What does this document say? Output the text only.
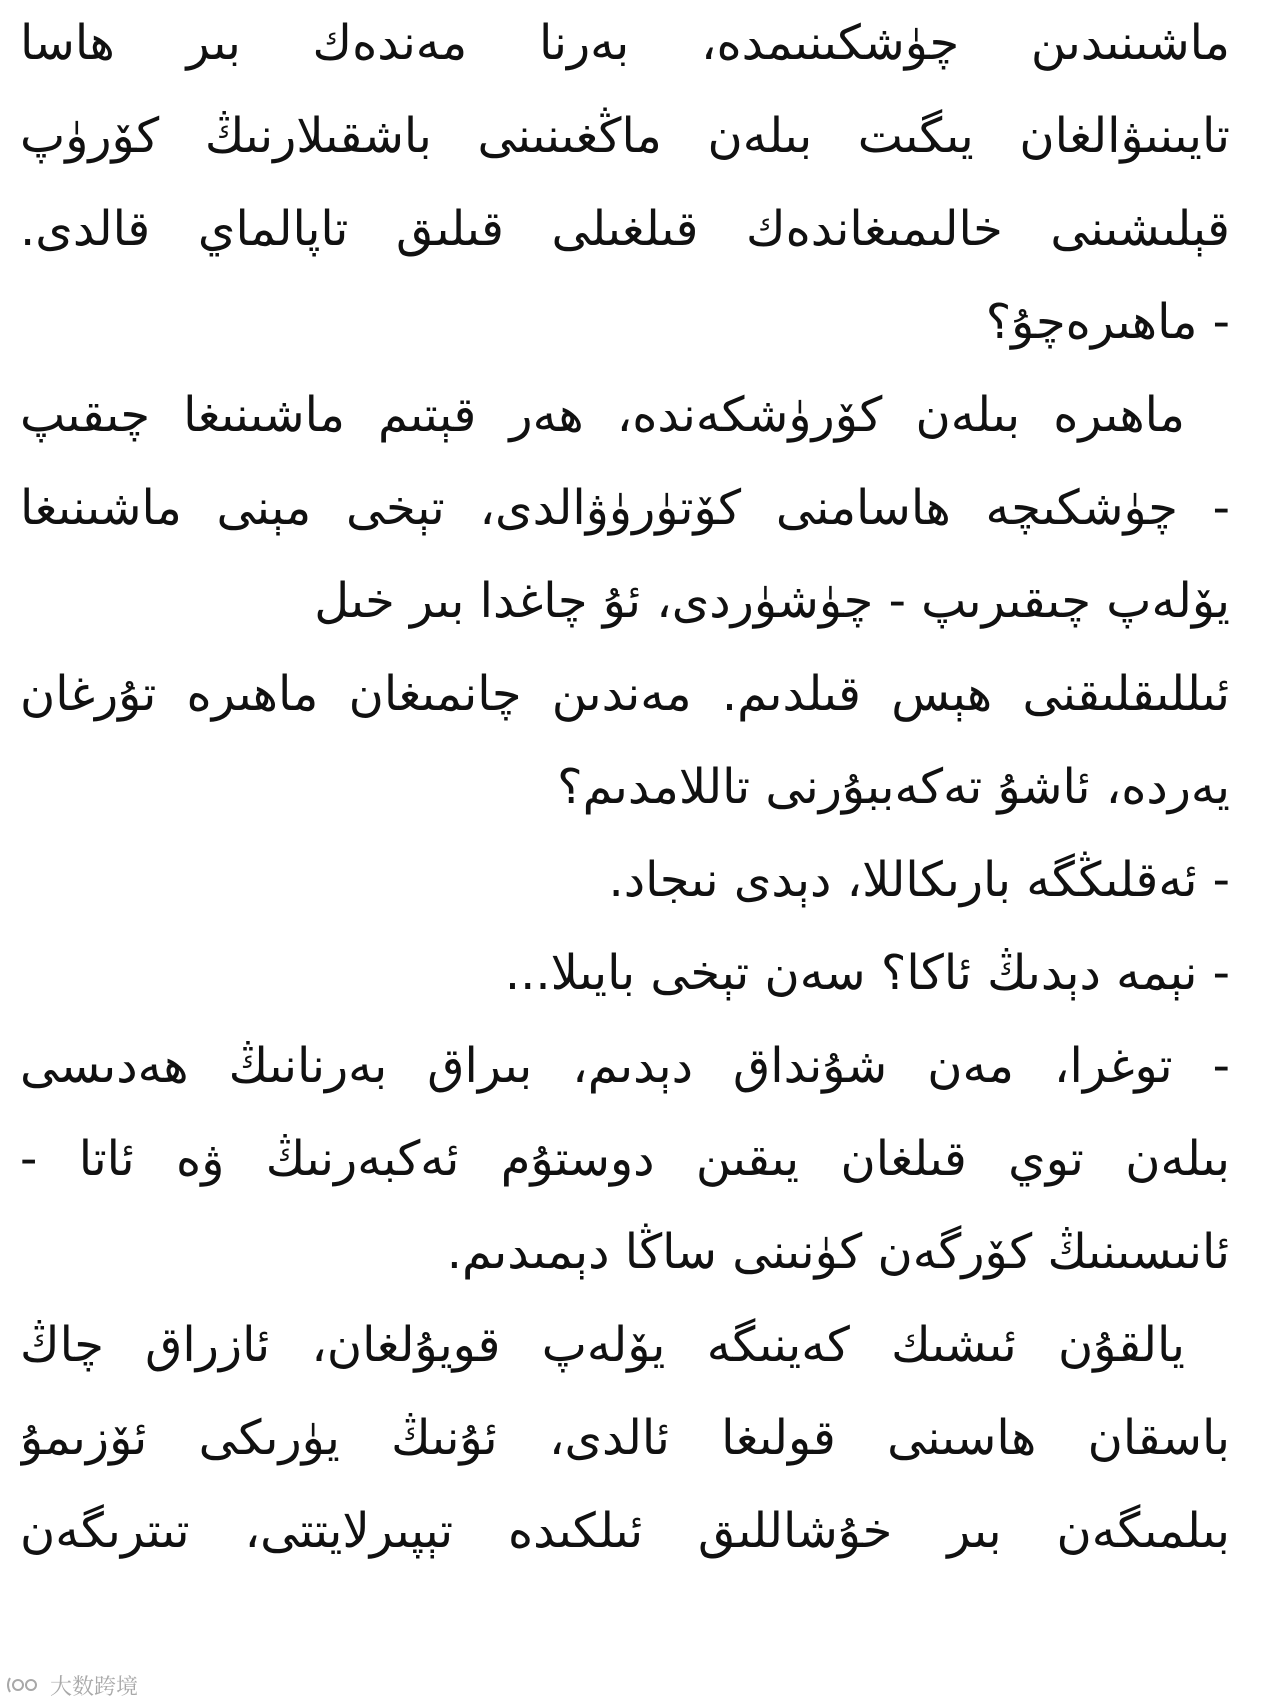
ماشىنىدىن چۈشكىنىمدە، بەرنا مەندەك بىر ھاسا
تايىنىۋالغان يىگىت بىلەن ماڭغىنىنى باشقىلارنىڭ كۆرۈپ
قېلىشىنى خالىمىغاندەك قىلغىلى قىلىق تاپالماي قالدى.
- ماھىرەچۇ؟
ماھىرە بىلەن كۆرۈشكەندە، ھەر قېتىم ماشىنىغا چىقىپ
- چۈشكىچە ھاسامنى كۆتۈرۈۋالدى، تېخى مېنى ماشىنىغا
يۆلەپ چىقىرىپ - چۈشۈردى، ئۇ چاغدا بىر خىل
ئىللىقلىقنى ھېس قىلدىم. مەندىن چانمىغان ماھىرە تۇرغان
يەردە، ئاشۇ تەكەببۇرنى تاللامدىم؟
- ئەقلىڭگە بارىكاللا، دېدى نىجاد.
- نېمە دېدىڭ ئاكا؟ سەن تېخى بايىلا...
- توغرا، مەن شۇنداق دېدىم، بىراق بەرنانىڭ ھەدىسى
بىلەن توي قىلغان يىقىن دوستۇم ئەكبەرنىڭ ۋە ئاتا -
ئانىسىنىڭ كۆرگەن كۈنىنى ساڭا دېمىدىم.
يالقۇن ئىشىك كەينىگە يۆلەپ قويۇلغان، ئازراق چاڭ
باسقان ھاسىنى قولىغا ئالدى، ئۇنىڭ يۈرىكى ئۆزىمۇ
بىلمىگەن بىر خۇشاللىق ئىلكىدە تېپىرلايتتى، تىترىگەن
大数跨境
